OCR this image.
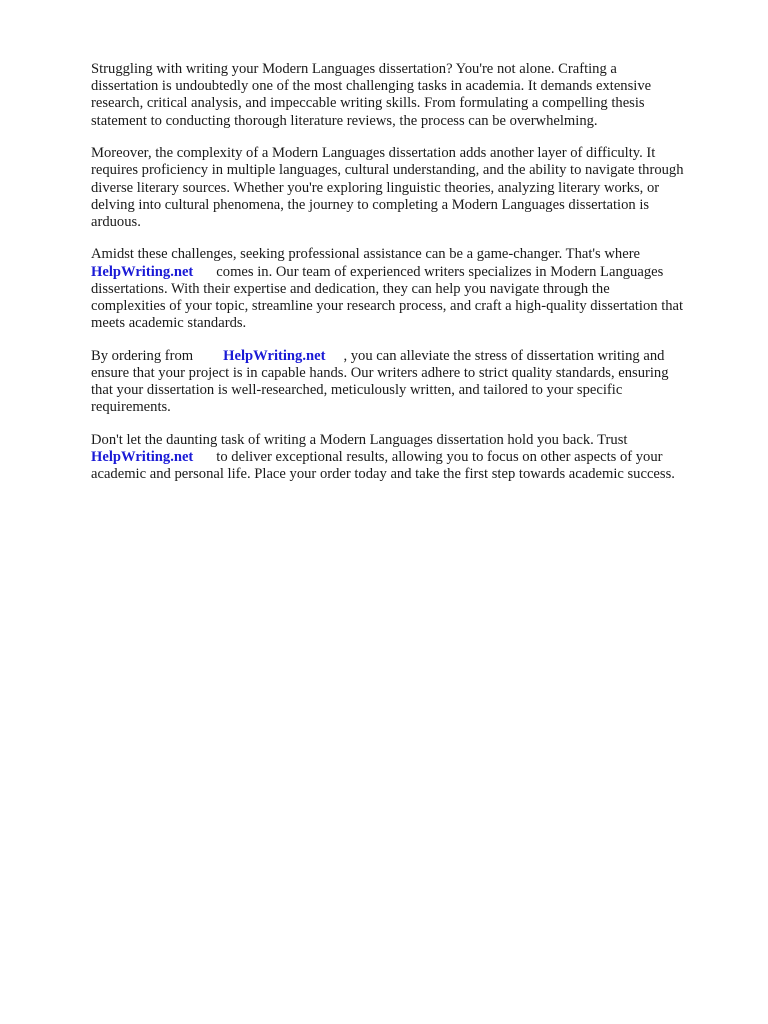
Struggling with writing your Modern Languages dissertation? You're not alone. Crafting a
dissertation is undoubtedly one of the most challenging tasks in academia. It demands extensive
research, critical analysis, and impeccable writing skills. From formulating a compelling thesis
statement to conducting thorough literature reviews, the process can be overwhelming.
Moreover, the complexity of a Modern Languages dissertation adds another layer of difficulty. It
requires proficiency in multiple languages, cultural understanding, and the ability to navigate through
diverse literary sources. Whether you're exploring linguistic theories, analyzing literary works, or
delving into cultural phenomena, the journey to completing a Modern Languages dissertation is
arduous.
Amidst these challenges, seeking professional assistance can be a game-changer. That's where
HelpWriting.net comes in. Our team of experienced writers specializes in Modern Languages
dissertations. With their expertise and dedication, they can help you navigate through the
complexities of your topic, streamline your research process, and craft a high-quality dissertation that
meets academic standards.
By ordering from HelpWriting.net , you can alleviate the stress of dissertation writing and
ensure that your project is in capable hands. Our writers adhere to strict quality standards, ensuring
that your dissertation is well-researched, meticulously written, and tailored to your specific
requirements.
Don't let the daunting task of writing a Modern Languages dissertation hold you back. Trust
HelpWriting.net to deliver exceptional results, allowing you to focus on other aspects of your
academic and personal life. Place your order today and take the first step towards academic success.
